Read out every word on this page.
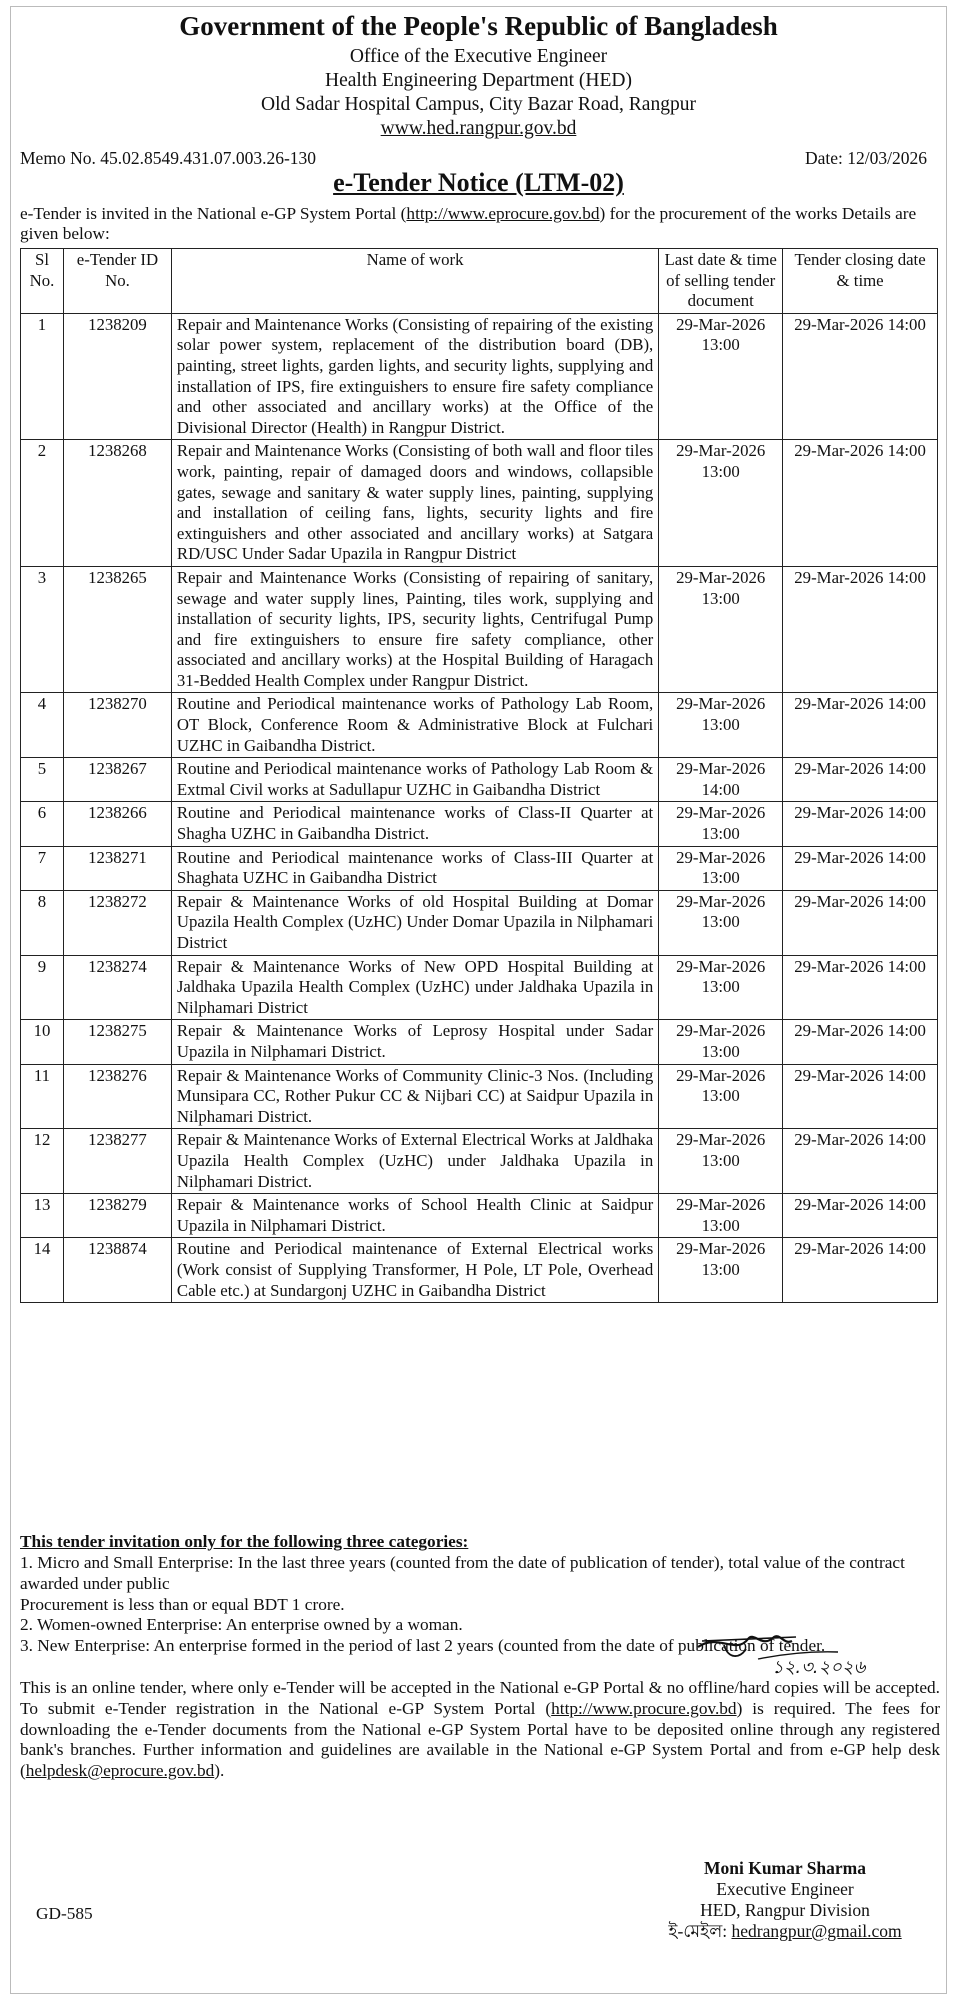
Government of the People's Republic of Bangladesh
Office of the Executive Engineer
Health Engineering Department (HED)
Old Sadar Hospital Campus, City Bazar Road, Rangpur
www.hed.rangpur.gov.bd
Memo No. 45.02.8549.431.07.003.26-130	Date: 12/03/2026
e-Tender Notice (LTM-02)
e-Tender is invited in the National e-GP System Portal (http://www.eprocure.gov.bd) for the procurement of the works Details are given below:
Sl No.	e-Tender ID No.	Name of work	Last date & time of selling tender document	Tender closing date & time
1	1238209	Repair and Maintenance Works (Consisting of repairing of the existing solar power system, replacement of the distribution board (DB), painting, street lights, garden lights, and security lights, supplying and installation of IPS, fire extinguishers to ensure fire safety compliance and other associated and ancillary works) at the Office of the Divisional Director (Health) in Rangpur District.	29-Mar-2026 13:00	29-Mar-2026 14:00
2	1238268	Repair and Maintenance Works (Consisting of both wall and floor tiles work, painting, repair of damaged doors and windows, collapsible gates, sewage and sanitary & water supply lines, painting, supplying and installation of ceiling fans, lights, security lights and fire extinguishers and other associated and ancillary works) at Satgara RD/USC Under Sadar Upazila in Rangpur District	29-Mar-2026 13:00	29-Mar-2026 14:00
3	1238265	Repair and Maintenance Works (Consisting of repairing of sanitary, sewage and water supply lines, Painting, tiles work, supplying and installation of security lights, IPS, security lights, Centrifugal Pump and fire extinguishers to ensure fire safety compliance, other associated and ancillary works) at the Hospital Building of Haragach 31-Bedded Health Complex under Rangpur District.	29-Mar-2026 13:00	29-Mar-2026 14:00
4	1238270	Routine and Periodical maintenance works of Pathology Lab Room, OT Block, Conference Room & Administrative Block at Fulchari UZHC in Gaibandha District.	29-Mar-2026 13:00	29-Mar-2026 14:00
5	1238267	Routine and Periodical maintenance works of Pathology Lab Room & Extmal Civil works at Sadullapur UZHC in Gaibandha District	29-Mar-2026 14:00	29-Mar-2026 14:00
6	1238266	Routine and Periodical maintenance works of Class-II Quarter at Shagha UZHC in Gaibandha District.	29-Mar-2026 13:00	29-Mar-2026 14:00
7	1238271	Routine and Periodical maintenance works of Class-III Quarter at Shaghata UZHC in Gaibandha District	29-Mar-2026 13:00	29-Mar-2026 14:00
8	1238272	Repair & Maintenance Works of old Hospital Building at Domar Upazila Health Complex (UzHC) Under Domar Upazila in Nilphamari District	29-Mar-2026 13:00	29-Mar-2026 14:00
9	1238274	Repair & Maintenance Works of New OPD Hospital Building at Jaldhaka Upazila Health Complex (UzHC) under Jaldhaka Upazila in Nilphamari District	29-Mar-2026 13:00	29-Mar-2026 14:00
10	1238275	Repair & Maintenance Works of Leprosy Hospital under Sadar Upazila in Nilphamari District.	29-Mar-2026 13:00	29-Mar-2026 14:00
11	1238276	Repair & Maintenance Works of Community Clinic-3 Nos. (Including Munsipara CC, Rother Pukur CC & Nijbari CC) at Saidpur Upazila in Nilphamari District.	29-Mar-2026 13:00	29-Mar-2026 14:00
12	1238277	Repair & Maintenance Works of External Electrical Works at Jaldhaka Upazila Health Complex (UzHC) under Jaldhaka Upazila in Nilphamari District.	29-Mar-2026 13:00	29-Mar-2026 14:00
13	1238279	Repair & Maintenance works of School Health Clinic at Saidpur Upazila in Nilphamari District.	29-Mar-2026 13:00	29-Mar-2026 14:00
14	1238874	Routine and Periodical maintenance of External Electrical works (Work consist of Supplying Transformer, H Pole, LT Pole, Overhead Cable etc.) at Sundargonj UZHC in Gaibandha District	29-Mar-2026 13:00	29-Mar-2026 14:00
This tender invitation only for the following three categories:
1. Micro and Small Enterprise: In the last three years (counted from the date of publication of tender), total value of the contract awarded under public
Procurement is less than or equal BDT 1 crore.
2. Women-owned Enterprise: An enterprise owned by a woman.
3. New Enterprise: An enterprise formed in the period of last 2 years (counted from the date of publication of tender.
This is an online tender, where only e-Tender will be accepted in the National e-GP Portal & no offline/hard copies will be accepted. To submit e-Tender registration in the National e-GP System Portal (http://www.procure.gov.bd) is required. The fees for downloading the e-Tender documents from the National e-GP System Portal have to be deposited online through any registered bank's branches. Further information and guidelines are available in the National e-GP System Portal and from e-GP help desk (helpdesk@eprocure.gov.bd).
১২.৩.২০২৬
Moni Kumar Sharma
Executive Engineer
HED, Rangpur Division
ই-মেইল: hedrangpur@gmail.com
GD-585
